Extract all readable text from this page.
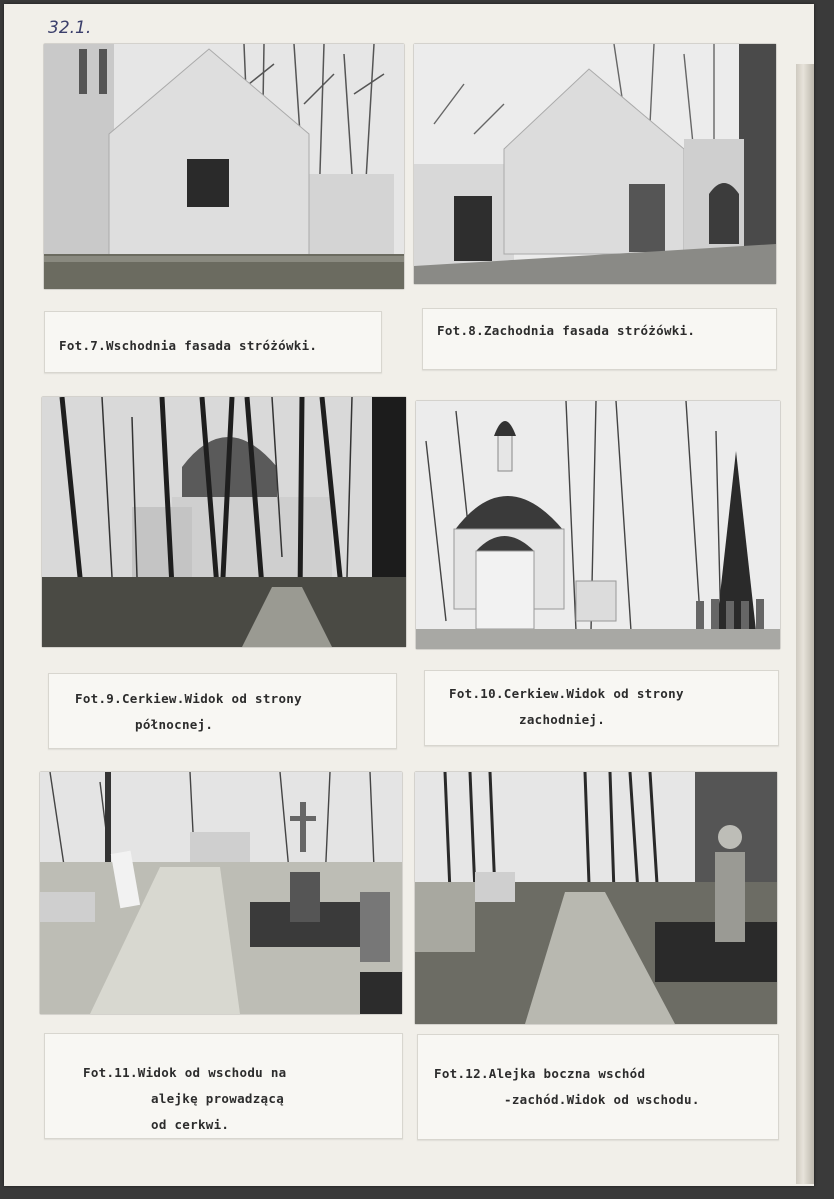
32.1.
Fot.7.Wschodnia fasada stróżówki.
Fot.8.Zachodnia fasada stróżówki.
Fot.9.Cerkiew.Widok od strony
północnej.
Fot.10.Cerkiew.Widok od strony
zachodniej.
Fot.11.Widok od wschodu na
alejkę prowadzącą
od cerkwi.
Fot.12.Alejka boczna wschód
-zachód.Widok od wschodu.
